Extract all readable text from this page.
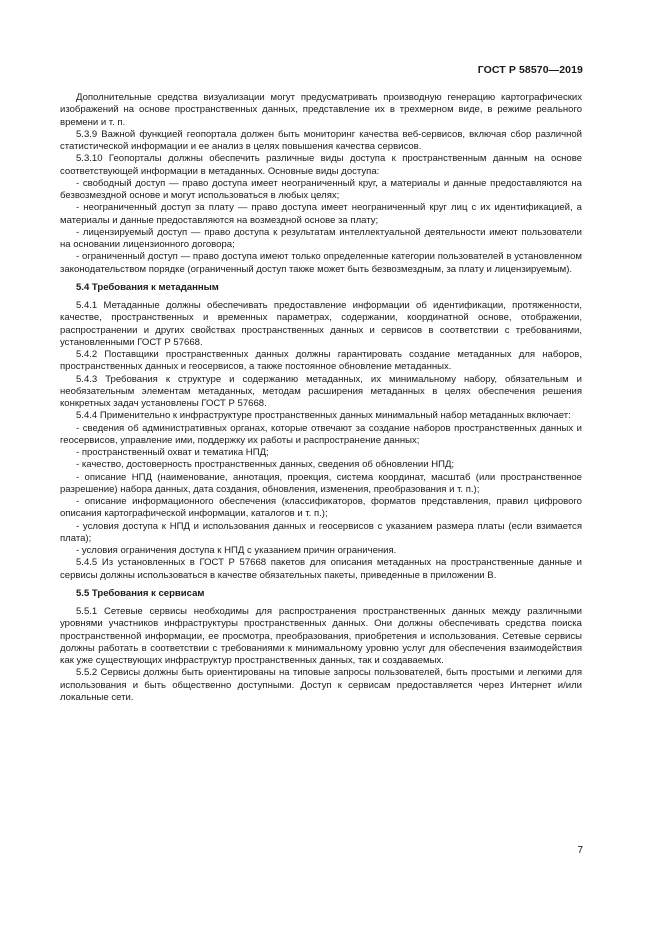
ГОСТ Р 58570—2019

Дополнительные средства визуализации могут предусматривать производную генерацию картографических изображений на основе пространственных данных, представление их в трехмерном виде, в режиме реального времени и т. п.

5.3.9 Важной функцией геопортала должен быть мониторинг качества веб-сервисов, включая сбор различной статистической информации и ее анализ в целях повышения качества сервисов.

5.3.10 Геопорталы должны обеспечить различные виды доступа к пространственным данным на основе соответствующей информации в метаданных. Основные виды доступа:

- свободный доступ — право доступа имеет неограниченный круг, а материалы и данные предоставляются на безвозмездной основе и могут использоваться в любых целях;

- неограниченный доступ за плату — право доступа имеет неограниченный круг лиц с их идентификацией, а материалы и данные предоставляются на возмездной основе за плату;

- лицензируемый доступ — право доступа к результатам интеллектуальной деятельности имеют пользователи на основании лицензионного договора;

- ограниченный доступ — право доступа имеют только определенные категории пользователей в установленном законодательством порядке (ограниченный доступ также может быть безвозмездным, за плату и лицензируемым).

5.4 Требования к метаданным

5.4.1 Метаданные должны обеспечивать предоставление информации об идентификации, протяженности, качестве, пространственных и временных параметрах, содержании, координатной основе, отображении, распространении и других свойствах пространственных данных и сервисов в соответствии с требованиями, установленными ГОСТ Р 57668.

5.4.2 Поставщики пространственных данных должны гарантировать создание метаданных для наборов, пространственных данных и геосервисов, а также постоянное обновление метаданных.

5.4.3 Требования к структуре и содержанию метаданных, их минимальному набору, обязательным и необязательным элементам метаданных, методам расширения метаданных в целях обеспечения решения конкретных задач установлены ГОСТ Р 57668.

5.4.4 Применительно к инфраструктуре пространственных данных минимальный набор метаданных включает:

- сведения об административных органах, которые отвечают за создание наборов пространственных данных и геосервисов, управление ими, поддержку их работы и распространение данных;

- пространственный охват и тематика НПД;

- качество, достоверность пространственных данных, сведения об обновлении НПД;

- описание НПД (наименование, аннотация, проекция, система координат, масштаб (или пространственное разрешение) набора данных, дата создания, обновления, изменения, преобразования и т. п.);

- описание информационного обеспечения (классификаторов, форматов представления, правил цифрового описания картографической информации, каталогов и т. п.);

- условия доступа к НПД и использования данных и геосервисов с указанием размера платы (если взимается плата);

- условия ограничения доступа к НПД с указанием причин ограничения.

5.4.5 Из установленных в ГОСТ Р 57668 пакетов для описания метаданных на пространственные данные и сервисы должны использоваться в качестве обязательных пакеты, приведенные в приложении В.

5.5 Требования к сервисам

5.5.1 Сетевые сервисы необходимы для распространения пространственных данных между различными уровнями участников инфраструктуры пространственных данных. Они должны обеспечивать средства поиска пространственной информации, ее просмотра, преобразования, приобретения и использования. Сетевые сервисы должны работать в соответствии с требованиями к минимальному уровню услуг для обеспечения взаимодействия как уже существующих инфраструктур пространственных данных, так и создаваемых.

5.5.2 Сервисы должны быть ориентированы на типовые запросы пользователей, быть простыми и легкими для использования и быть общественно доступными. Доступ к сервисам предоставляется через Интернет и/или локальные сети.

7
